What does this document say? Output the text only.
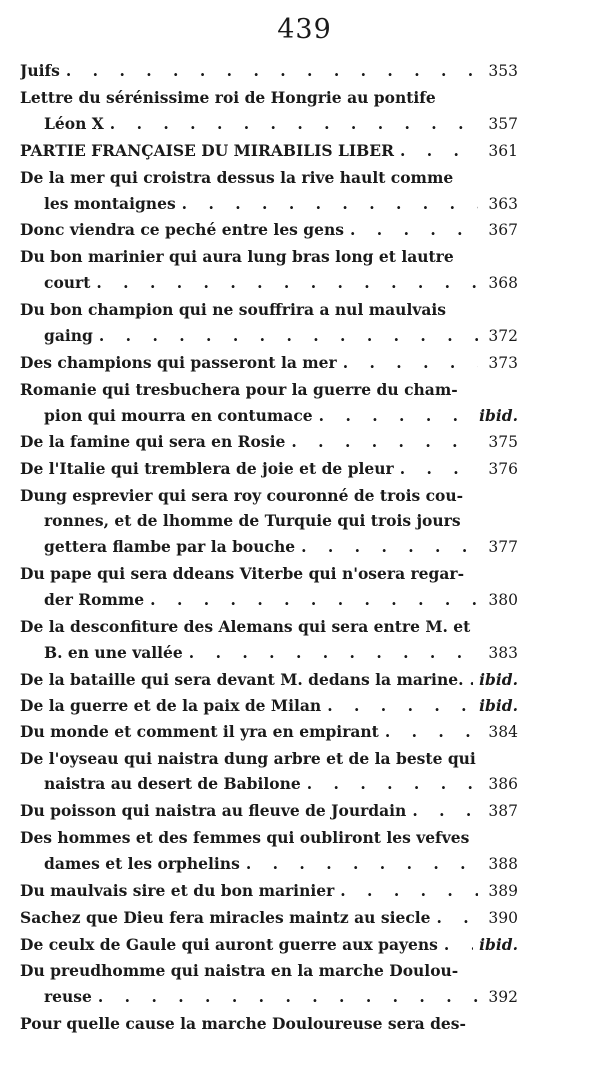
439
Juifs . . .	353
Lettre du sérénissime roi de Hongrie au pontife
Léon X . . .	357
PARTIE FRANÇAISE DU MIRABILIS LIBER . . .	361
De la mer qui croistra dessus la rive hault comme
les montaignes . . .	363
Donc viendra ce peché entre les gens . . .	367
Du bon marinier qui aura lung bras long et lautre
court . . .	368
Du bon champion qui ne souffrira a nul maulvais
gaing . . .	372
Des champions qui passeront la mer . . .	373
Romanie qui tresbuchera pour la guerre du cham-
pion qui mourra en contumace . . .	ibid.
De la famine qui sera en Rosie . . .	375
De l'Italie qui tremblera de joie et de pleur . . .	376
Dung esprevier qui sera roy couronné de trois cou-
ronnes, et de lhomme de Turquie qui trois jours
gettera flambe par la bouche . . .	377
Du pape qui sera ddeans Viterbe qui n'osera regar-
der Romme . . .	380
De la desconfiture des Alemans qui sera entre M. et
B. en une vallée . . .	383
De la bataille qui sera devant M. dedans la marine. . . . ibid.
De la guerre et de la paix de Milan . . .	ibid.
Du monde et comment il yra en empirant . . .	384
De l'oyseau qui naistra dung arbre et de la beste qui
naistra au desert de Babilone . . .	386
Du poisson qui naistra au fleuve de Jourdain . . .	387
Des hommes et des femmes qui oubliront les vefves
dames et les orphelins . . .	388
Du maulvais sire et du bon marinier . . .	389
Sachez que Dieu fera miracles maintz au siecle . . .	390
De ceulx de Gaule qui auront guerre aux payens . . .	ibid.
Du preudhomme qui naistra en la marche Doulou-
reuse . . .	392
Pour quelle cause la marche Douloureuse sera des-
